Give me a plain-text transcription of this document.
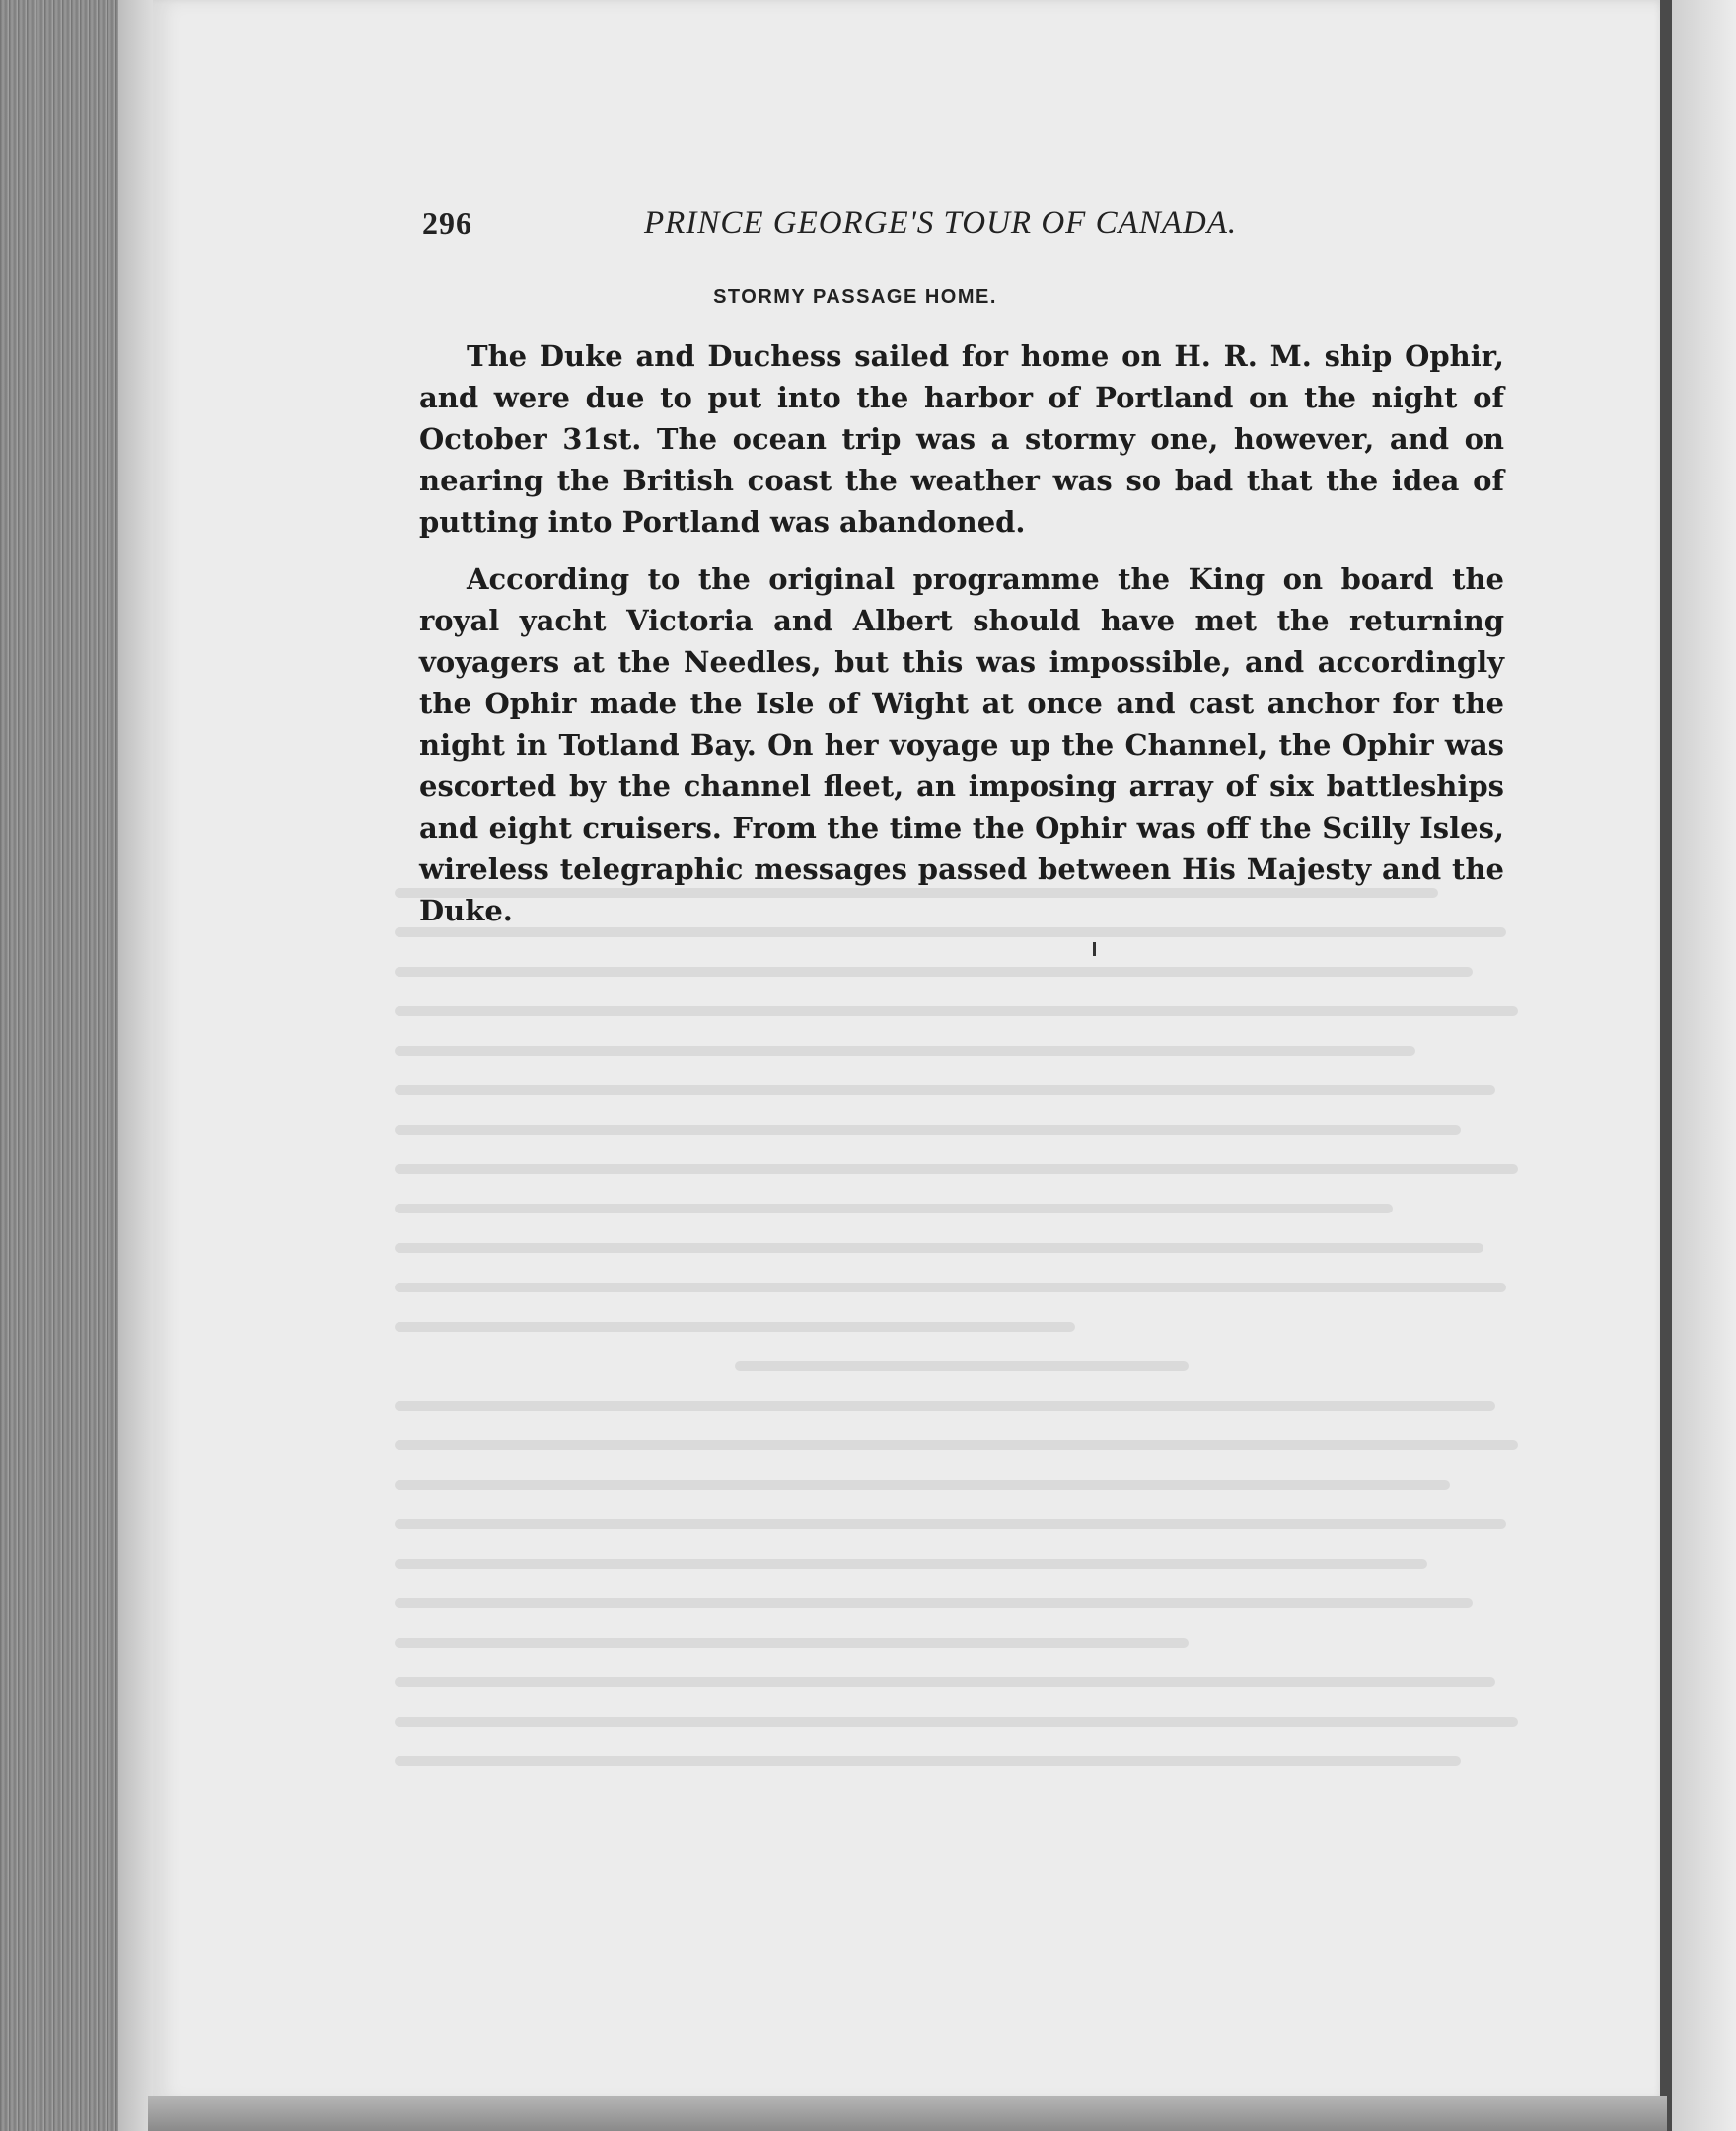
296	PRINCE GEORGE'S TOUR OF CANADA.
STORMY PASSAGE HOME.

The Duke and Duchess sailed for home on H. R. M. ship Ophir, and were due to put into the harbor of Portland on the night of October 31st. The ocean trip was a stormy one, however, and on nearing the British coast the weather was so bad that the idea of putting into Portland was abandoned.

According to the original programme the King on board the royal yacht Victoria and Albert should have met the returning voyagers at the Needles, but this was impossible, and accordingly the Ophir made the Isle of Wight at once and cast anchor for the night in Totland Bay. On her voyage up the Channel, the Ophir was escorted by the channel fleet, an imposing array of six battleships and eight cruisers. From the time the Ophir was off the Scilly Isles, wireless telegraphic messages passed between His Majesty and the Duke.
